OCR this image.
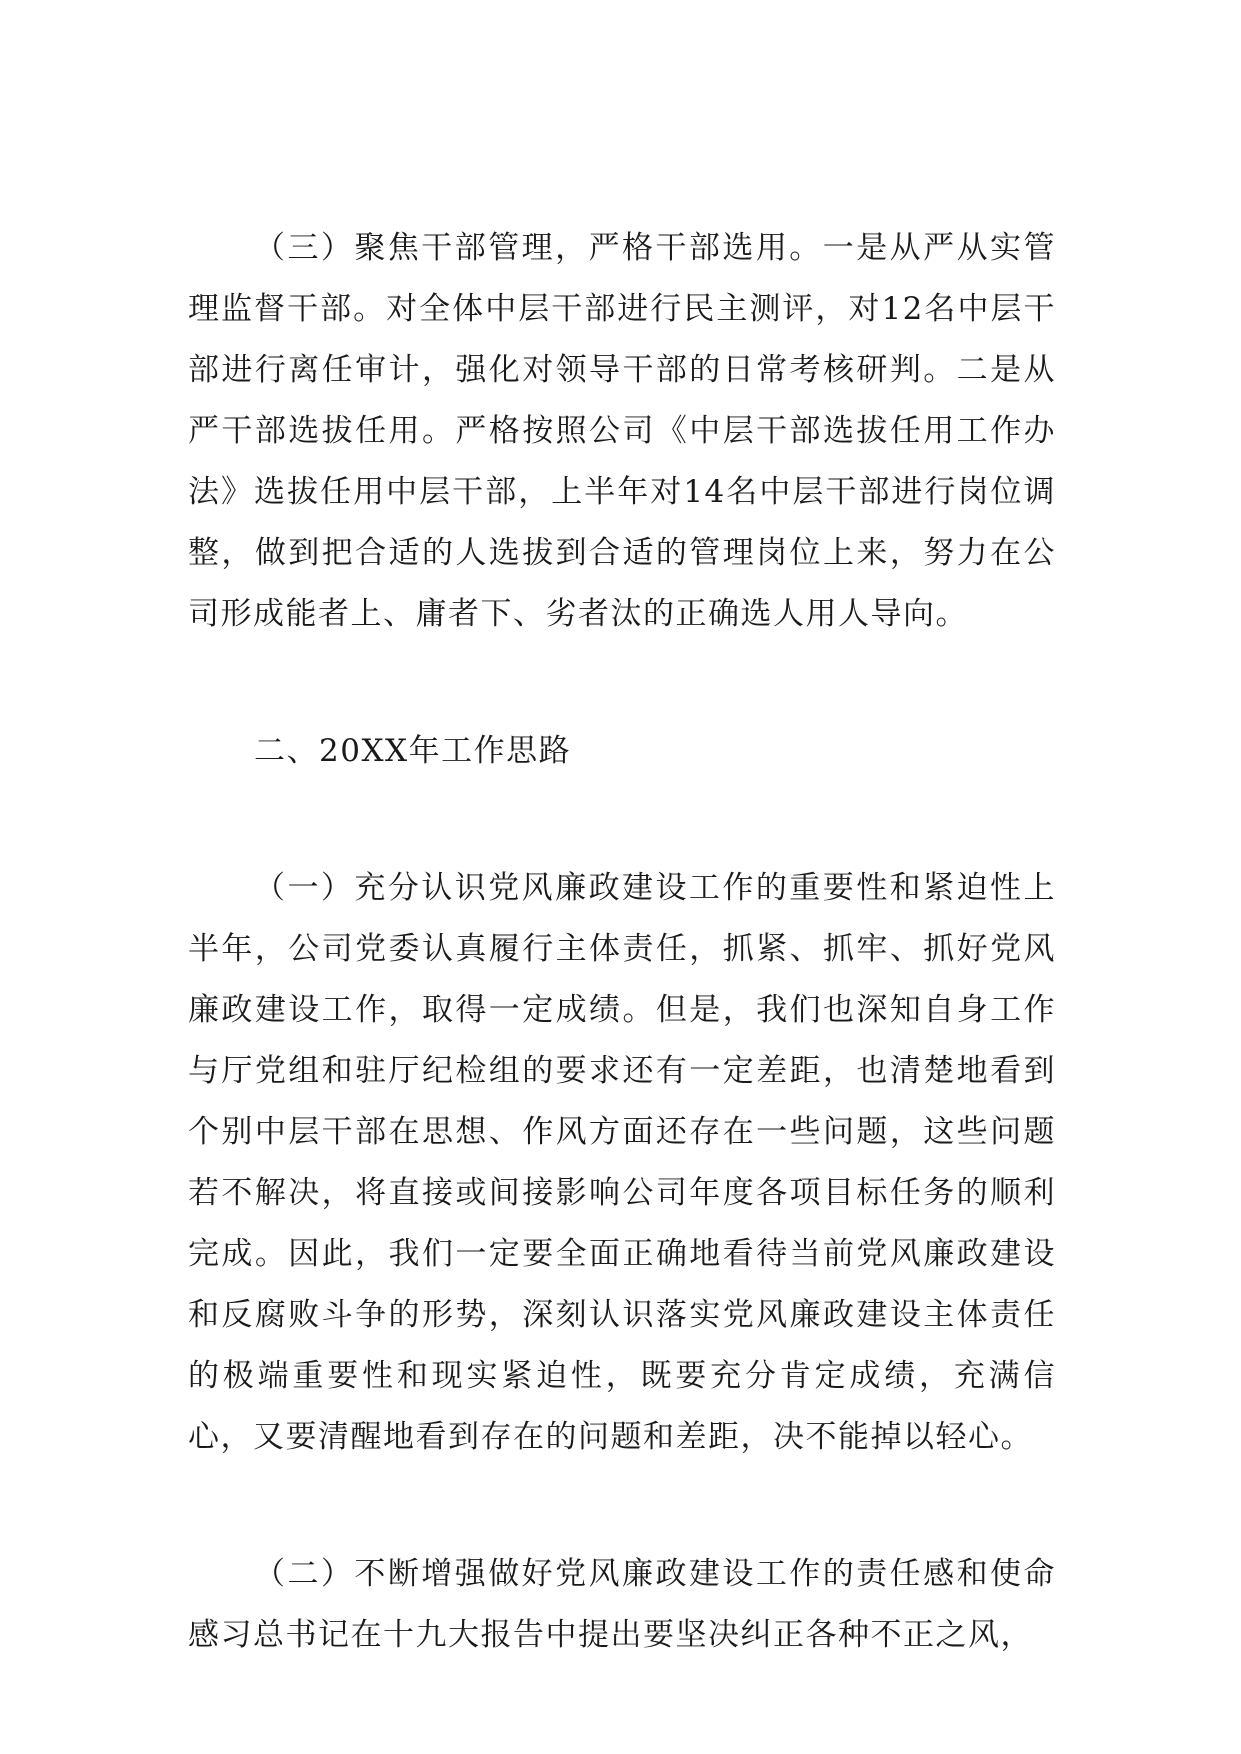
（三）聚焦干部管理，严格干部选用。一是从严从实管理监督干部。对全体中层干部进行民主测评，对12名中层干部进行离任审计，强化对领导干部的日常考核研判。二是从严干部选拔任用。严格按照公司《中层干部选拔任用工作办法》选拔任用中层干部，上半年对14名中层干部进行岗位调整，做到把合适的人选拔到合适的管理岗位上来，努力在公司形成能者上、庸者下、劣者汰的正确选人用人导向。

二、20XX年工作思路

（一）充分认识党风廉政建设工作的重要性和紧迫性上半年，公司党委认真履行主体责任，抓紧、抓牢、抓好党风廉政建设工作，取得一定成绩。但是，我们也深知自身工作与厅党组和驻厅纪检组的要求还有一定差距，也清楚地看到个别中层干部在思想、作风方面还存在一些问题，这些问题若不解决，将直接或间接影响公司年度各项目标任务的顺利完成。因此，我们一定要全面正确地看待当前党风廉政建设和反腐败斗争的形势，深刻认识落实党风廉政建设主体责任的极端重要性和现实紧迫性，既要充分肯定成绩，充满信心，又要清醒地看到存在的问题和差距，决不能掉以轻心。

（二）不断增强做好党风廉政建设工作的责任感和使命感习总书记在十九大报告中提出要坚决纠正各种不正之风，
